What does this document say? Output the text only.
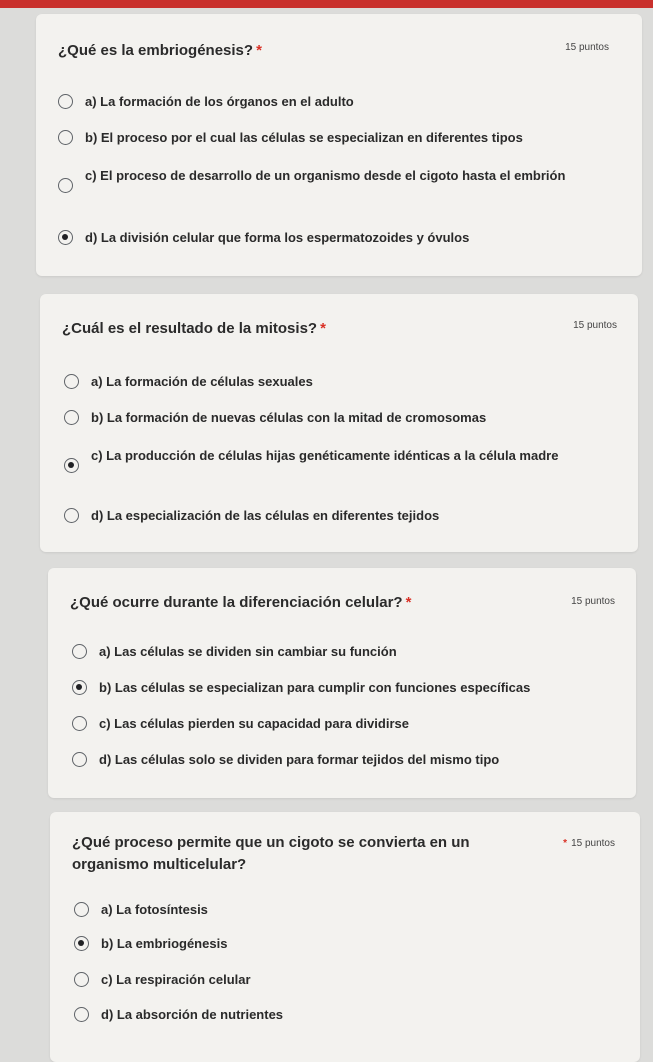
¿Qué es la embriogénesis? *	15 puntos
a) La formación de los órganos en el adulto
b) El proceso por el cual las células se especializan en diferentes tipos
c) El proceso de desarrollo de un organismo desde el cigoto hasta el embrión
d) La división celular que forma los espermatozoides y óvulos
¿Cuál es el resultado de la mitosis? *	15 puntos
a) La formación de células sexuales
b) La formación de nuevas células con la mitad de cromosomas
c) La producción de células hijas genéticamente idénticas a la célula madre
d) La especialización de las células en diferentes tejidos
¿Qué ocurre durante la diferenciación celular? *	15 puntos
a) Las células se dividen sin cambiar su función
b) Las células se especializan para cumplir con funciones específicas
c) Las células pierden su capacidad para dividirse
d) Las células solo se dividen para formar tejidos del mismo tipo
¿Qué proceso permite que un cigoto se convierta en un organismo multicelular?
* 15 puntos
a) La fotosíntesis
b) La embriogénesis
c) La respiración celular
d) La absorción de nutrientes
